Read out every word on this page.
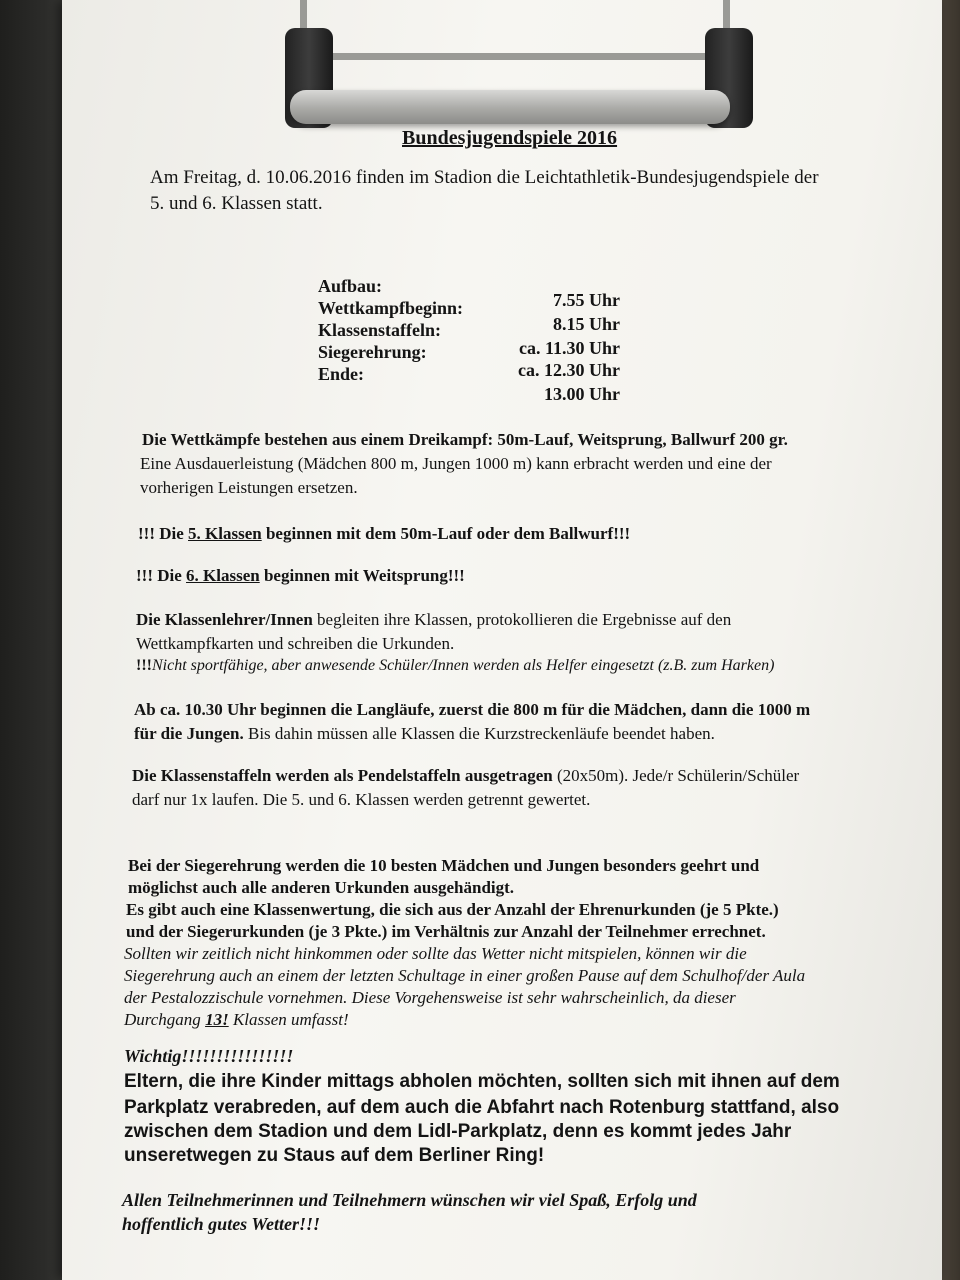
Bundesjugendspiele 2016
Am Freitag, d. 10.06.2016 finden im Stadion die Leichtathletik-Bundesjugendspiele der
5. und 6. Klassen statt.
Aufbau:
Wettkampfbeginn:
Klassenstaffeln:
Siegerehrung:
Ende:
7.55 Uhr
8.15 Uhr
ca. 11.30 Uhr
ca. 12.30 Uhr
13.00 Uhr
Die Wettkämpfe bestehen aus einem Dreikampf: 50m-Lauf, Weitsprung, Ballwurf 200 gr.
Eine Ausdauerleistung (Mädchen 800 m, Jungen 1000 m) kann erbracht werden und eine der
vorherigen Leistungen ersetzen.
!!! Die 5. Klassen beginnen mit dem 50m-Lauf oder dem Ballwurf!!!
!!! Die 6. Klassen beginnen mit Weitsprung!!!
Die Klassenlehrer/Innen begleiten ihre Klassen, protokollieren die Ergebnisse auf den
Wettkampfkarten und schreiben die Urkunden.
!!!Nicht sportfähige, aber anwesende Schüler/Innen werden als Helfer eingesetzt (z.B. zum Harken)
Ab ca. 10.30 Uhr beginnen die Langläufe, zuerst die 800 m für die Mädchen, dann die 1000 m
für die Jungen. Bis dahin müssen alle Klassen die Kurzstreckenläufe beendet haben.
Die Klassenstaffeln werden als Pendelstaffeln ausgetragen (20x50m). Jede/r Schülerin/Schüler
darf nur 1x laufen. Die 5. und 6. Klassen werden getrennt gewertet.
Bei der Siegerehrung werden die 10 besten Mädchen und Jungen besonders geehrt und
möglichst auch alle anderen Urkunden ausgehändigt.
Es gibt auch eine Klassenwertung, die sich aus der Anzahl der Ehrenurkunden (je 5 Pkte.)
und der Siegerurkunden (je 3 Pkte.) im Verhältnis zur Anzahl der Teilnehmer errechnet.
Sollten wir zeitlich nicht hinkommen oder sollte das Wetter nicht mitspielen, können wir die
Siegerehrung auch an einem der letzten Schultage in einer großen Pause auf dem Schulhof/der Aula
der Pestalozzischule vornehmen. Diese Vorgehensweise ist sehr wahrscheinlich, da dieser
Durchgang 13! Klassen umfasst!
Wichtig!!!!!!!!!!!!!!!!
Eltern, die ihre Kinder mittags abholen möchten, sollten sich mit ihnen auf dem
Parkplatz verabreden, auf dem auch die Abfahrt nach Rotenburg stattfand, also
zwischen dem Stadion und dem Lidl-Parkplatz, denn es kommt jedes Jahr
unseretwegen zu Staus auf dem Berliner Ring!
Allen Teilnehmerinnen und Teilnehmern wünschen wir viel Spaß, Erfolg und
hoffentlich gutes Wetter!!!
